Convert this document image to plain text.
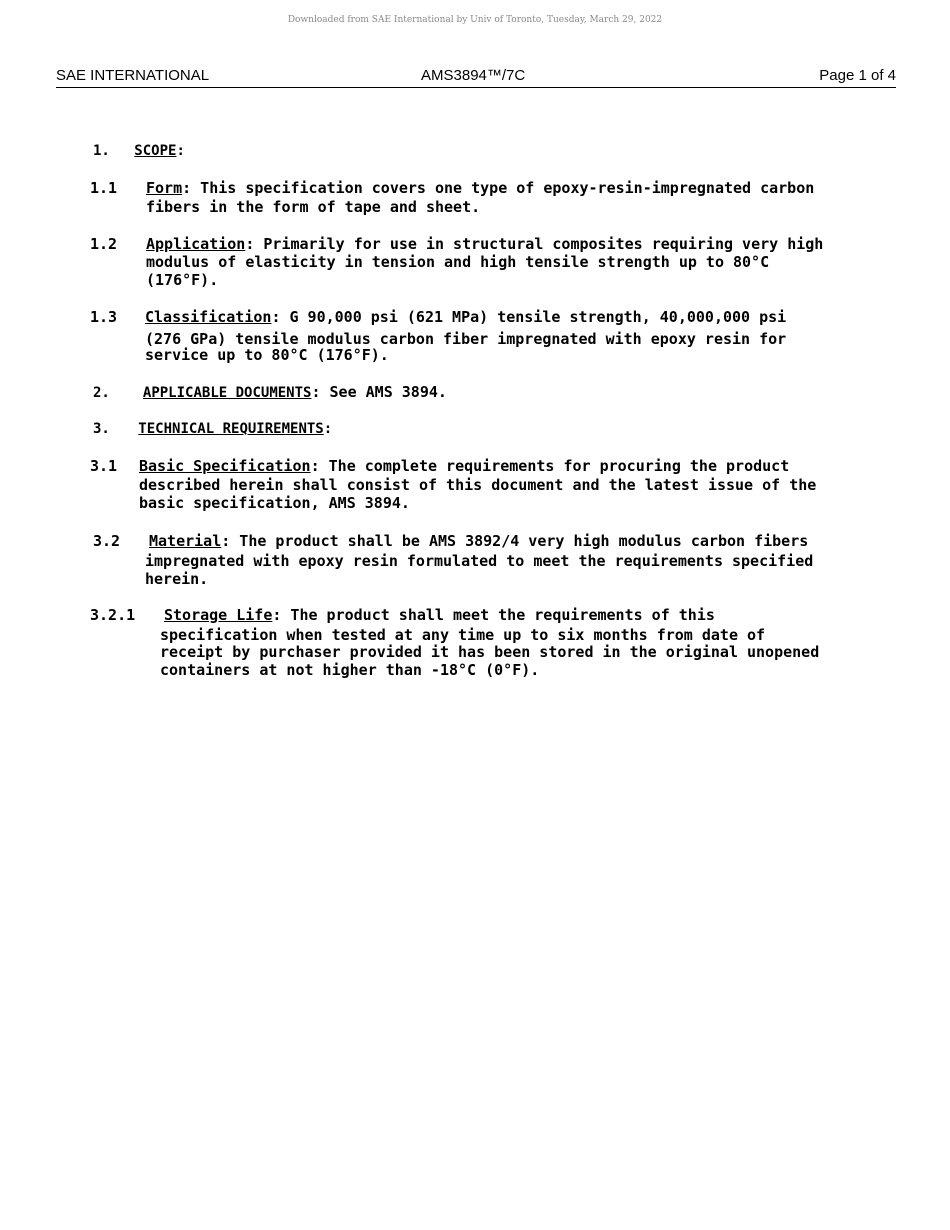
Downloaded from SAE International by Univ of Toronto, Tuesday, March 29, 2022
SAE INTERNATIONAL	AMS3894™/7C	Page 1 of 4
1. SCOPE:
1.1 Form: This specification covers one type of epoxy-resin-impregnated carbon
fibers in the form of tape and sheet.
1.2 Application: Primarily for use in structural composites requiring very high
modulus of elasticity in tension and high tensile strength up to 80°C
(176°F).
1.3 Classification: G 90,000 psi (621 MPa) tensile strength, 40,000,000 psi
(276 GPa) tensile modulus carbon fiber impregnated with epoxy resin for
service up to 80°C (176°F).
2. APPLICABLE DOCUMENTS: See AMS 3894.
3. TECHNICAL REQUIREMENTS:
3.1 Basic Specification: The complete requirements for procuring the product
described herein shall consist of this document and the latest issue of the
basic specification, AMS 3894.
3.2 Material: The product shall be AMS 3892/4 very high modulus carbon fibers
impregnated with epoxy resin formulated to meet the requirements specified
herein.
3.2.1 Storage Life: The product shall meet the requirements of this
specification when tested at any time up to six months from date of
receipt by purchaser provided it has been stored in the original unopened
containers at not higher than -18°C (0°F).
